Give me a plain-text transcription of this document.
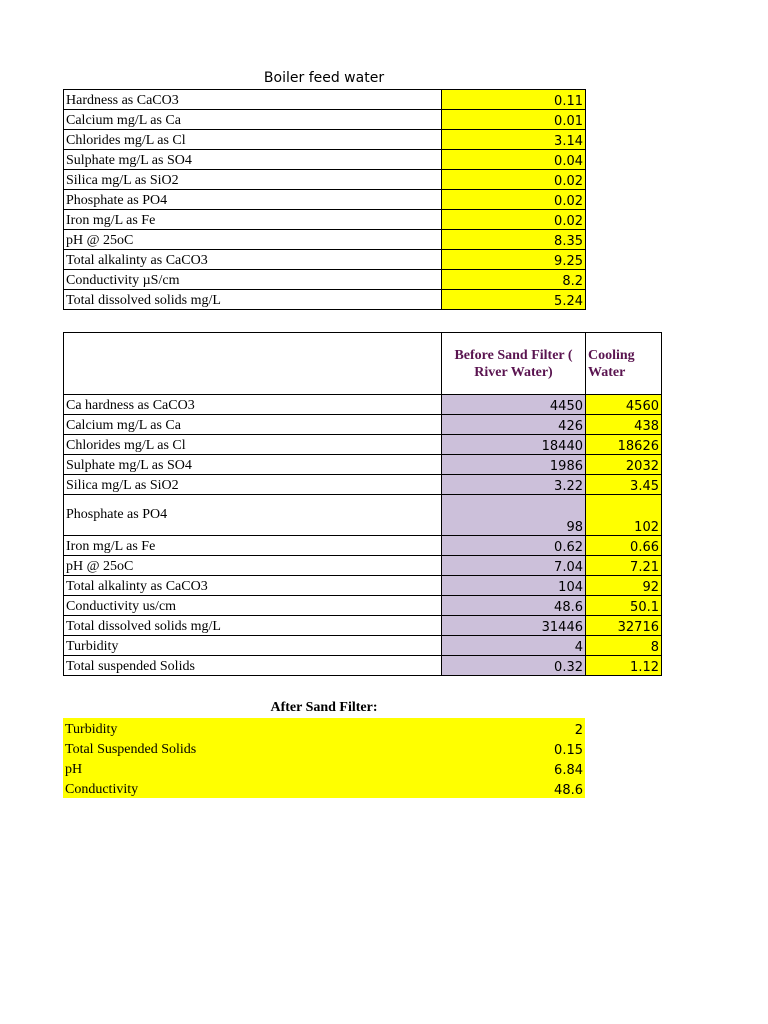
Boiler feed water
Hardness as CaCO3	0.11
Calcium mg/L as Ca	0.01
Chlorides mg/L as Cl	3.14
Sulphate mg/L as SO4	0.04
Silica mg/L as SiO2	0.02
Phosphate as PO4	0.02
Iron mg/L as Fe	0.02
pH @ 25oC	8.35
Total alkalinty as CaCO3	9.25
Conductivity µS/cm	8.2
Total dissolved solids mg/L	5.24
	Before Sand Filter ( River Water)	Cooling Water
Ca hardness as CaCO3	4450	4560
Calcium mg/L as Ca	426	438
Chlorides mg/L as Cl	18440	18626
Sulphate mg/L as SO4	1986	2032
Silica mg/L as SiO2	3.22	3.45
Phosphate as PO4	98	102
Iron mg/L as Fe	0.62	0.66
pH @ 25oC	7.04	7.21
Total alkalinty as CaCO3	104	92
Conductivity us/cm	48.6	50.1
Total dissolved solids mg/L	31446	32716
Turbidity	4	8
Total suspended Solids	0.32	1.12
After Sand Filter:
Turbidity	2
Total Suspended Solids	0.15
pH	6.84
Conductivity	48.6
